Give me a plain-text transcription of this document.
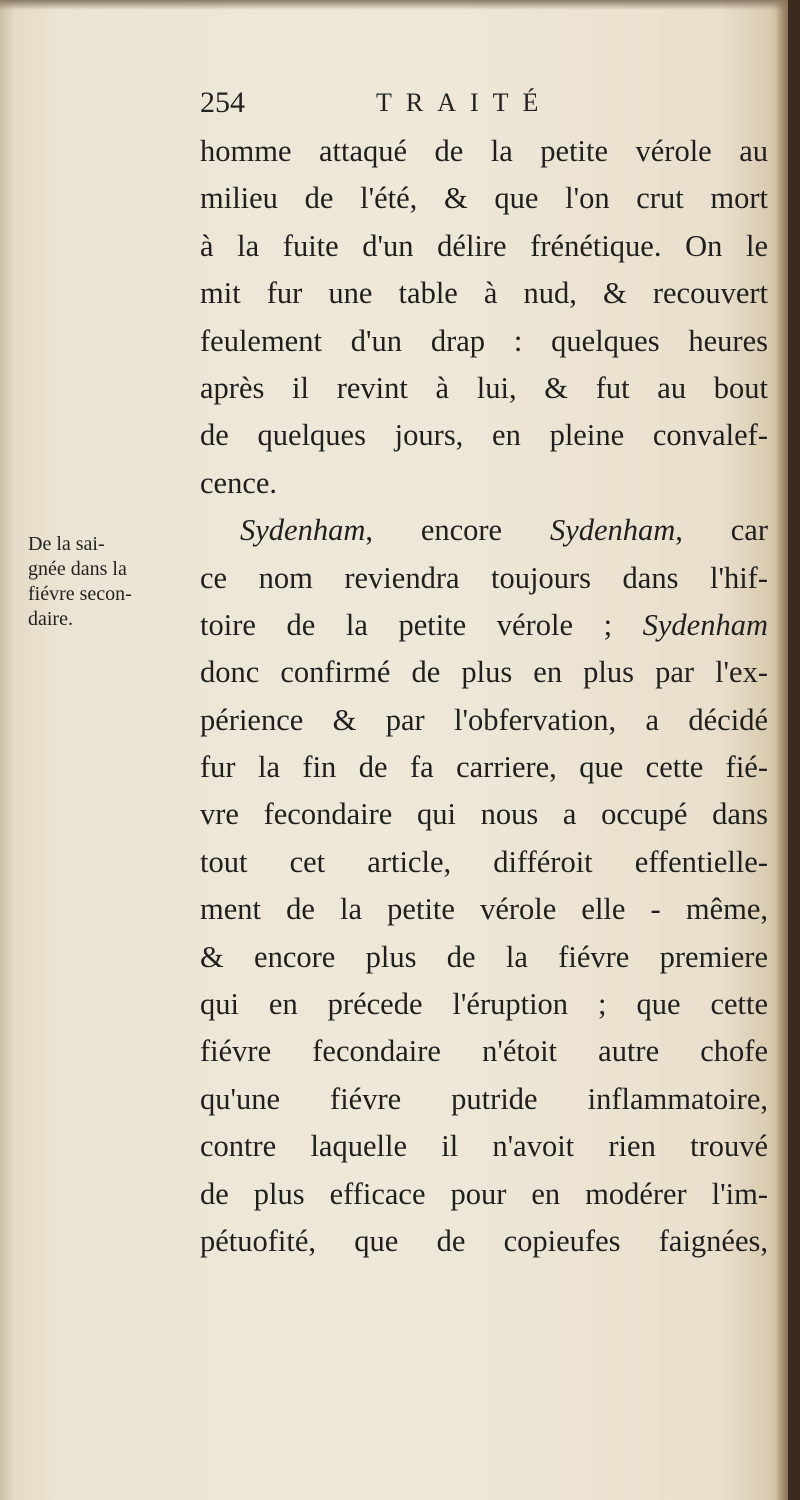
254	TRAITÉ
De la sai-
gnée dans la
fiévre secon-
daire.
homme attaqué de la petite vérole au
milieu de l'été, & que l'on crut mort
à la fuite d'un délire frénétique. On le
mit fur une table à nud, & recouvert
feulement d'un drap : quelques heures
après il revint à lui, & fut au bout
de quelques jours, en pleine convalef-
cence.
Sydenham, encore Sydenham, car
ce nom reviendra toujours dans l'hif-
toire de la petite vérole ; Sydenham
donc confirmé de plus en plus par l'ex-
périence & par l'obfervation, a décidé
fur la fin de fa carriere, que cette fié-
vre fecondaire qui nous a occupé dans
tout cet article, différoit effentielle-
ment de la petite vérole elle - même,
& encore plus de la fiévre premiere
qui en précede l'éruption ; que cette
fiévre fecondaire n'étoit autre chofe
qu'une fiévre putride inflammatoire,
contre laquelle il n'avoit rien trouvé
de plus efficace pour en modérer l'im-
pétuofité, que de copieufes faignées,
